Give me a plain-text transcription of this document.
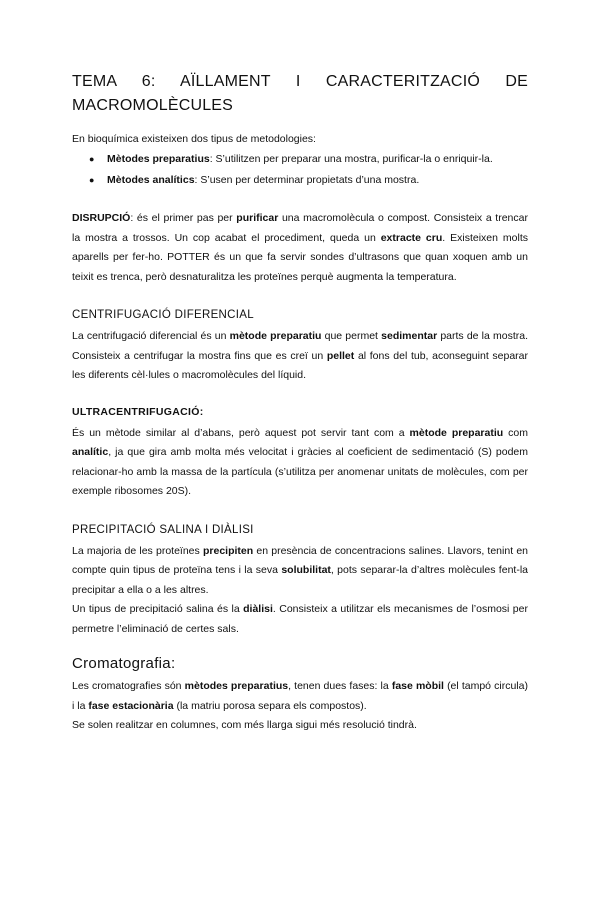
TEMA 6: AÏLLAMENT I CARACTERITZACIÓ DE MACROMOLÈCULES

En bioquímica existeixen dos tipus de metodologies:

● Mètodes preparatius: S’utilitzen per preparar una mostra, purificar-la o enriquir-la.
● Mètodes analítics: S’usen per determinar propietats d’una mostra.

DISRUPCIÓ: és el primer pas per purificar una macromolècula o compost. Consisteix a trencar la mostra a trossos. Un cop acabat el procediment, queda un extracte cru. Existeixen molts aparells per fer-ho. POTTER és un que fa servir sondes d’ultrasons que quan xoquen amb un teixit es trenca, però desnaturalitza les proteïnes perquè augmenta la temperatura.

CENTRIFUGACIÓ DIFERENCIAL

La centrifugació diferencial és un mètode preparatiu que permet sedimentar parts de la mostra. Consisteix a centrifugar la mostra fins que es creï un pellet al fons del tub, aconseguint separar les diferents cèl·lules o macromolècules del líquid.

ULTRACENTRIFUGACIÓ:

És un mètode similar al d’abans, però aquest pot servir tant com a mètode preparatiu com analític, ja que gira amb molta més velocitat i gràcies al coeficient de sedimentació (S) podem relacionar-ho amb la massa de la partícula (s’utilitza per anomenar unitats de molècules, com per exemple ribosomes 20S).

PRECIPITACIÓ SALINA I DIÀLISI

La majoria de les proteïnes precipiten en presència de concentracions salines. Llavors, tenint en compte quin tipus de proteïna tens i la seva solubilitat, pots separar-la d’altres molècules fent-la precipitar a ella o a les altres.

Un tipus de precipitació salina és la diàlisi. Consisteix a utilitzar els mecanismes de l’osmosi per permetre l’eliminació de certes sals.

Cromatografia:

Les cromatografies són mètodes preparatius, tenen dues fases: la fase mòbil (el tampó circula) i la fase estacionària (la matriu porosa separa els compostos).

Se solen realitzar en columnes, com més llarga sigui més resolució tindrà.
